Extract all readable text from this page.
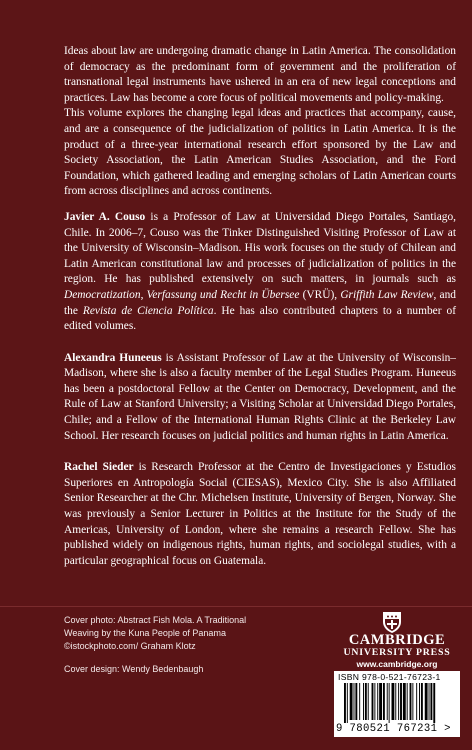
Ideas about law are undergoing dramatic change in Latin America. The consolidation of democracy as the predominant form of government and the proliferation of transnational legal instruments have ushered in an era of new legal conceptions and practices. Law has become a core focus of political movements and policy-making.

This volume explores the changing legal ideas and practices that accompany, cause, and are a consequence of the judicialization of politics in Latin America. It is the product of a three-year international research effort sponsored by the Law and Society Association, the Latin American Studies Association, and the Ford Foundation, which gathered leading and emerging scholars of Latin American courts from across disciplines and across continents.

Javier A. Couso is a Professor of Law at Universidad Diego Portales, Santiago, Chile. In 2006–7, Couso was the Tinker Distinguished Visiting Professor of Law at the University of Wisconsin–Madison. His work focuses on the study of Chilean and Latin American constitutional law and processes of judicialization of politics in the region. He has published extensively on such matters, in journals such as Democratization, Verfassung und Recht in Übersee (VRÜ), Griffith Law Review, and the Revista de Ciencia Política. He has also contributed chapters to a number of edited volumes.

Alexandra Huneeus is Assistant Professor of Law at the University of Wisconsin–Madison, where she is also a faculty member of the Legal Studies Program. Huneeus has been a postdoctoral Fellow at the Center on Democracy, Development, and the Rule of Law at Stanford University; a Visiting Scholar at Universidad Diego Portales, Chile; and a Fellow of the International Human Rights Clinic at the Berkeley Law School. Her research focuses on judicial politics and human rights in Latin America.

Rachel Sieder is Research Professor at the Centro de Investigaciones y Estudios Superiores en Antropología Social (CIESAS), Mexico City. She is also Affiliated Senior Researcher at the Chr. Michelsen Institute, University of Bergen, Norway. She was previously a Senior Lecturer in Politics at the Institute for the Study of the Americas, University of London, where she remains a research Fellow. She has published widely on indigenous rights, human rights, and sociolegal studies, with a particular geographical focus on Guatemala.

Cover photo: Abstract Fish Mola. A Traditional Weaving by the Kuna People of Panama ©istockphoto.com/ Graham Klotz

Cover design: Wendy Bedenbaugh

CAMBRIDGE
UNIVERSITY PRESS
www.cambridge.org
ISBN 978-0-521-76723-1
9 780521 767231 >
